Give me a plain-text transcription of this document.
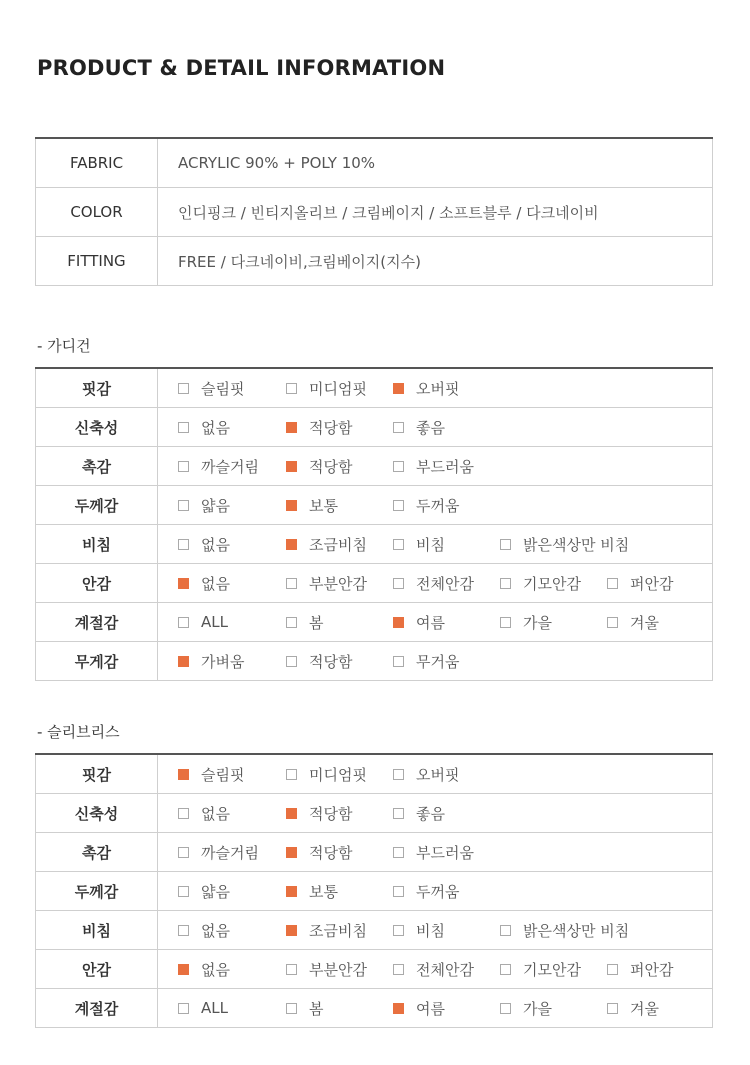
PRODUCT & DETAIL INFORMATION
FABRIC	ACRYLIC 90% + POLY 10%
COLOR	인디핑크 / 빈티지올리브 / 크림베이지 / 소프트블루 / 다크네이비
FITTING	FREE / 다크네이비,크림베이지(지수)
- 가디건
핏감	슬림핏 미디엄핏 오버핏

신축성	없음 적당함 좋음

촉감	까슬거림 적당함 부드러움

두께감	얇음 보통 두꺼움

비침	없음 조금비침 비침 밝은색상만 비침

안감	없음 부분안감 전체안감 기모안감 퍼안감

계절감	ALL 봄 여름 가을 겨울

무게감	가벼움 적당함 무거움
- 슬리브리스
핏감	슬림핏 미디엄핏 오버핏

신축성	없음 적당함 좋음

촉감	까슬거림 적당함 부드러움

두께감	얇음 보통 두꺼움

비침	없음 조금비침 비침 밝은색상만 비침

안감	없음 부분안감 전체안감 기모안감 퍼안감

계절감	ALL 봄 여름 가을 겨울
